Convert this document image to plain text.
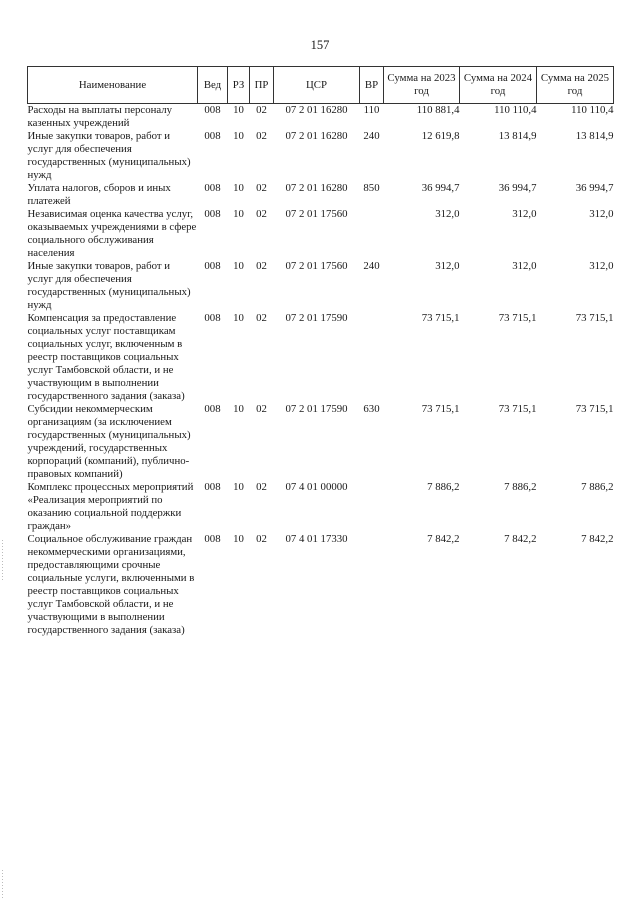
157
Наименование	Вед	РЗ	ПР	ЦСР	ВР	Сумма на 2023 год	Сумма на 2024 год	Сумма на 2025 год
Расходы на выплаты персоналу казенных учреждений	008	10	02	07 2 01 16280	110	110 881,4	110 110,4	110 110,4
Иные закупки товаров, работ и услуг для обеспечения государственных (муниципальных) нужд	008	10	02	07 2 01 16280	240	12 619,8	13 814,9	13 814,9
Уплата налогов, сборов и иных платежей	008	10	02	07 2 01 16280	850	36 994,7	36 994,7	36 994,7
Независимая оценка качества услуг, оказываемых учреждениями в сфере социального обслуживания населения	008	10	02	07 2 01 17560		312,0	312,0	312,0
Иные закупки товаров, работ и услуг для обеспечения государственных (муниципальных) нужд	008	10	02	07 2 01 17560	240	312,0	312,0	312,0
Компенсация за предоставление социальных услуг поставщикам социальных услуг, включенным в реестр поставщиков социальных услуг Тамбовской области, и не участвующим в выполнении государственного задания (заказа)	008	10	02	07 2 01 17590		73 715,1	73 715,1	73 715,1
Субсидии некоммерческим организациям (за исключением государственных (муниципальных) учреждений, государственных корпораций (компаний), публично-правовых компаний)	008	10	02	07 2 01 17590	630	73 715,1	73 715,1	73 715,1
Комплекс процессных мероприятий «Реализация мероприятий по оказанию социальной поддержки граждан»	008	10	02	07 4 01 00000		7 886,2	7 886,2	7 886,2
Социальное обслуживание граждан некоммерческими организациями, предоставляющими срочные социальные услуги, включенными в реестр поставщиков социальных услуг Тамбовской области, и не участвующими в выполнении государственного задания (заказа)	008	10	02	07 4 01 17330		7 842,2	7 842,2	7 842,2
